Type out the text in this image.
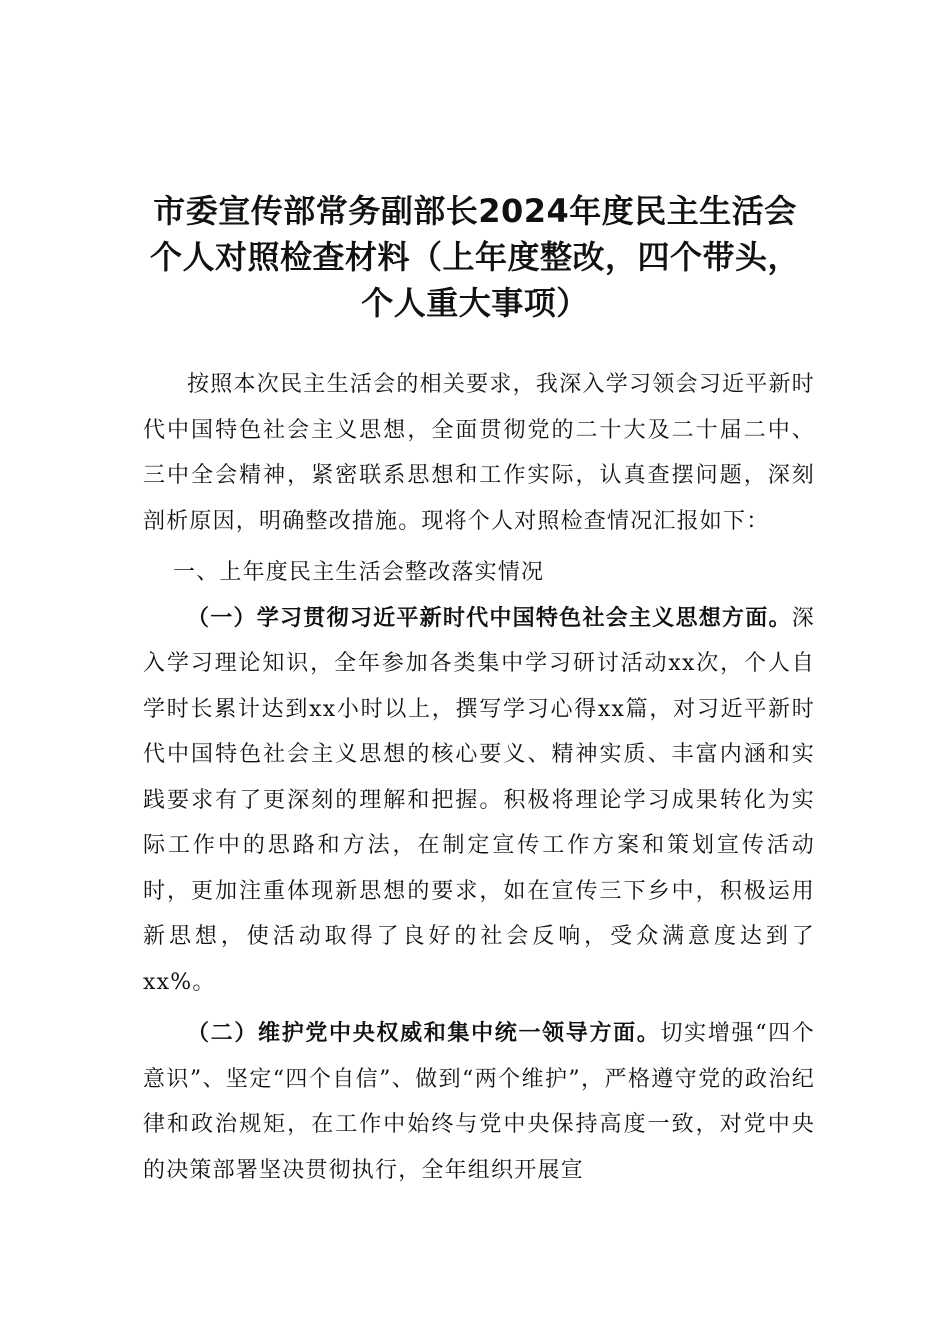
市委宣传部常务副部长2024年度民主生活会
个人对照检查材料（上年度整改，四个带头，
个人重大事项）

按照本次民主生活会的相关要求，我深入学习领会习近平新时代中国特色社会主义思想，全面贯彻党的二十大及二十届二中、三中全会精神，紧密联系思想和工作实际，认真查摆问题，深刻剖析原因，明确整改措施。现将个人对照检查情况汇报如下：

一、上年度民主生活会整改落实情况

（一）学习贯彻习近平新时代中国特色社会主义思想方面。深入学习理论知识，全年参加各类集中学习研讨活动xx次，个人自学时长累计达到xx小时以上，撰写学习心得xx篇，对习近平新时代中国特色社会主义思想的核心要义、精神实质、丰富内涵和实践要求有了更深刻的理解和把握。积极将理论学习成果转化为实际工作中的思路和方法，在制定宣传工作方案和策划宣传活动时，更加注重体现新思想的要求，如在宣传三下乡中，积极运用新思想，使活动取得了良好的社会反响，受众满意度达到了xx%。

（二）维护党中央权威和集中统一领导方面。切实增强“四个意识”、坚定“四个自信”、做到“两个维护”，严格遵守党的政治纪律和政治规矩，在工作中始终与党中央保持高度一致，对党中央的决策部署坚决贯彻执行，全年组织开展宣
